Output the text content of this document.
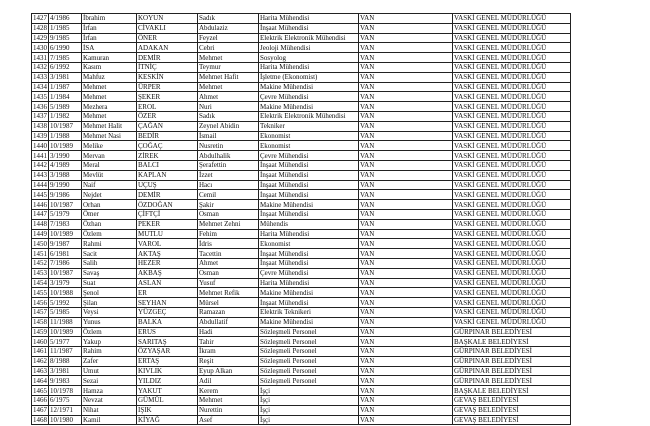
1427	4/1986	İbrahim	KOYUN	Sadık	Harita Mühendisi	VAN	VASKİ GENEL MÜDÜRLÜĞÜ
1428	1/1985	İrfan	CİVAKLI	Abdulaziz	İnşaat Mühendisi	VAN	VASKİ GENEL MÜDÜRLÜĞÜ
1429	9/1985	İrfan	ÖNER	Feyzel	Elektrik Elektronik Mühendisi	VAN	VASKİ GENEL MÜDÜRLÜĞÜ
1430	6/1990	İSA	ADAKAN	Cebri	Jeoloji Mühendisi	VAN	VASKİ GENEL MÜDÜRLÜĞÜ
1431	7/1985	Kamuran	DEMİR	Mehmet	Sosyolog	VAN	VASKİ GENEL MÜDÜRLÜĞÜ
1432	6/1992	Kasım	İTNİÇ	Teymur	Harita Mühendisi	VAN	VASKİ GENEL MÜDÜRLÜĞÜ
1433	3/1981	Mahfuz	KESKİN	Mehmet Hafit	İşletme (Ekonomist)	VAN	VASKİ GENEL MÜDÜRLÜĞÜ
1434	1/1987	Mehmet	ÜRPER	Mehmet	Makine Mühendisi	VAN	VASKİ GENEL MÜDÜRLÜĞÜ
1435	1/1984	Mehmet	ŞEKER	Ahmet	Çevre Mühendisi	VAN	VASKİ GENEL MÜDÜRLÜĞÜ
1436	5/1989	Mezhera	EROL	Nuri	Makine Mühendisi	VAN	VASKİ GENEL MÜDÜRLÜĞÜ
1437	1/1982	Mehmet	ÖZER	Sadık	Elektrik Elektronik Mühendisi	VAN	VASKİ GENEL MÜDÜRLÜĞÜ
1438	10/1987	Mehmet Halit	ÇAĞAN	Zeynel Abidin	Tekniker	VAN	VASKİ GENEL MÜDÜRLÜĞÜ
1439	1/1988	Mehmet Nasi	BEDİR	İsmail	Ekonomist	VAN	VASKİ GENEL MÜDÜRLÜĞÜ
1440	10/1989	Melike	ÇOĞAÇ	Nusretin	Ekonomist	VAN	VASKİ GENEL MÜDÜRLÜĞÜ
1441	3/1990	Mervan	ZİREK	Abdulhalik	Çevre Mühendisi	VAN	VASKİ GENEL MÜDÜRLÜĞÜ
1442	4/1989	Meral	BALCI	Şerafettin	İnşaat Mühendisi	VAN	VASKİ GENEL MÜDÜRLÜĞÜ
1443	3/1988	Mevlüt	KAPLAN	İzzet	İnşaat Mühendisi	VAN	VASKİ GENEL MÜDÜRLÜĞÜ
1444	9/1990	Naif	UÇUŞ	Hacı	İnşaat Mühendisi	VAN	VASKİ GENEL MÜDÜRLÜĞÜ
1445	9/1986	Nejdet	DEMİR	Cemil	İnşaat Mühendisi	VAN	VASKİ GENEL MÜDÜRLÜĞÜ
1446	10/1987	Orhan	ÖZDOĞAN	Şakir	Makine Mühendisi	VAN	VASKİ GENEL MÜDÜRLÜĞÜ
1447	5/1979	Ömer	ÇİFTÇİ	Osman	İnşaat Mühendisi	VAN	VASKİ GENEL MÜDÜRLÜĞÜ
1448	7/1983	Özhan	PEKER	Mehmet Zehni	Mühendis	VAN	VASKİ GENEL MÜDÜRLÜĞÜ
1449	10/1989	Özlem	MUTLU	Fehim	Harita Mühendisi	VAN	VASKİ GENEL MÜDÜRLÜĞÜ
1450	9/1987	Rahmi	VAROL	İdris	Ekonomist	VAN	VASKİ GENEL MÜDÜRLÜĞÜ
1451	6/1981	Sacit	AKTAŞ	Tacettin	İnşaat Mühendisi	VAN	VASKİ GENEL MÜDÜRLÜĞÜ
1452	7/1986	Salih	HEZER	Ahmet	İnşaat Mühendisi	VAN	VASKİ GENEL MÜDÜRLÜĞÜ
1453	10/1987	Savaş	AKBAŞ	Osman	Çevre Mühendisi	VAN	VASKİ GENEL MÜDÜRLÜĞÜ
1454	3/1979	Suat	ASLAN	Yusuf	Harita Mühendisi	VAN	VASKİ GENEL MÜDÜRLÜĞÜ
1455	10/1988	Şenol	ER	Mehmet Refik	Makine Mühendisi	VAN	VASKİ GENEL MÜDÜRLÜĞÜ
1456	5/1992	Şilan	SEYHAN	Mürsel	İnşaat Mühendisi	VAN	VASKİ GENEL MÜDÜRLÜĞÜ
1457	5/1985	Veysi	YÜZGEÇ	Ramazan	Elektrik Teknikeri	VAN	VASKİ GENEL MÜDÜRLÜĞÜ
1458	11/1988	Yunus	BALKA	Abdullatif	Makine Mühendisi	VAN	VASKİ GENEL MÜDÜRLÜĞÜ
1459	10/1989	Özlem	ERUS	Hadi	Sözleşmeli Personel	VAN	GÜRPINAR BELEDİYESİ
1460	5/1977	Yakup	SARITAŞ	Tahir	Sözleşmeli Personel	VAN	BAŞKALE BELEDİYESİ
1461	11/1987	Rahim	ÖZYAŞAR	İkram	Sözleşmeli Personel	VAN	GÜRPINAR BELEDİYESİ
1462	8/1988	Zafer	ERTAŞ	Reşit	Sözleşmeli Personel	VAN	GÜRPINAR BELEDİYESİ
1463	3/1981	Umut	KIVLIK	Eyup Alkan	Sözleşmeli Personel	VAN	GÜRPINAR BELEDİYESİ
1464	9/1983	Sezai	YILDIZ	Adil	Sözleşmeli Personel	VAN	GÜRPINAR BELEDİYESİ
1465	10/1978	Hamza	YAKUT	Kerem	İşçi	VAN	BAŞKALE BELEDİYESİ
1466	6/1975	Nevzat	GÜMÜL	Mehmet	İşçi	VAN	GEVAŞ BELEDİYESİ
1467	12/1971	Nihat	IŞIK	Nurettin	İşçi	VAN	GEVAŞ BELEDİYESİ
1468	10/1980	Kamil	KİYAĞ	Asef	İşçi	VAN	GEVAŞ BELEDİYESİ
